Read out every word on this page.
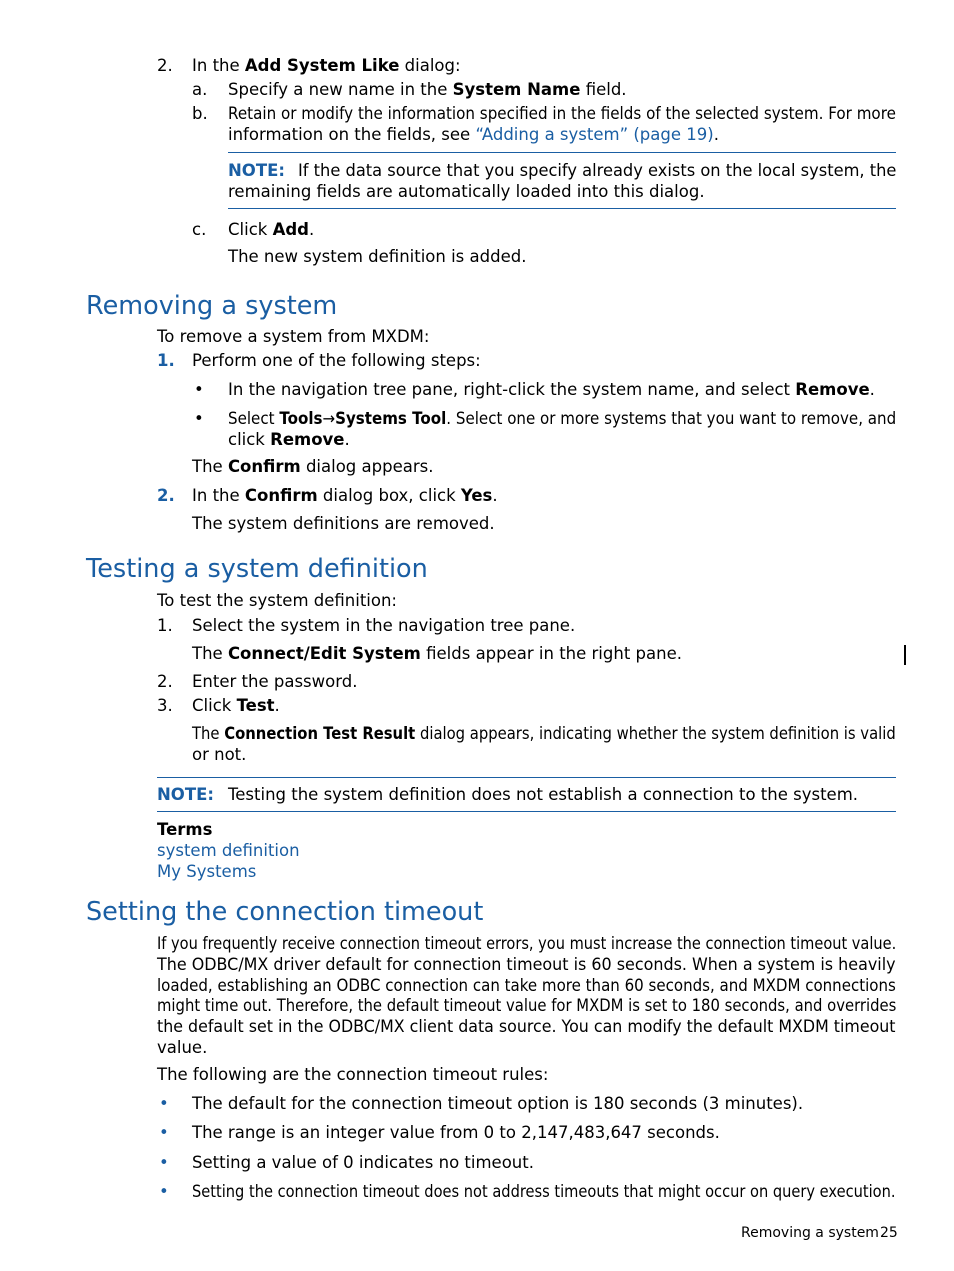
2. In the Add System Like dialog:
a. Specify a new name in the System Name field.
b. Retain or modify the information specified in the fields of the selected system. For more
information on the fields, see “Adding a system” (page 19).
NOTE: If the data source that you specify already exists on the local system, the
remaining fields are automatically loaded into this dialog.
c. Click Add.
The new system definition is added.
Removing a system
To remove a system from MXDM:
1. Perform one of the following steps:
• In the navigation tree pane, right-click the system name, and select Remove.
• Select Tools→Systems Tool. Select one or more systems that you want to remove, and
click Remove.
The Confirm dialog appears.
2. In the Confirm dialog box, click Yes.
The system definitions are removed.
Testing a system definition
To test the system definition:
1. Select the system in the navigation tree pane.
The Connect/Edit System fields appear in the right pane.
2. Enter the password.
3. Click Test.
The Connection Test Result dialog appears, indicating whether the system definition is valid
or not.
NOTE: Testing the system definition does not establish a connection to the system.
Terms
system definition
My Systems
Setting the connection timeout
If you frequently receive connection timeout errors, you must increase the connection timeout value.
The ODBC/MX driver default for connection timeout is 60 seconds. When a system is heavily
loaded, establishing an ODBC connection can take more than 60 seconds, and MXDM connections
might time out. Therefore, the default timeout value for MXDM is set to 180 seconds, and overrides
the default set in the ODBC/MX client data source. You can modify the default MXDM timeout
value.
The following are the connection timeout rules:
• The default for the connection timeout option is 180 seconds (3 minutes).
• The range is an integer value from 0 to 2,147,483,647 seconds.
• Setting a value of 0 indicates no timeout.
• Setting the connection timeout does not address timeouts that might occur on query execution.
Removing a system 25
